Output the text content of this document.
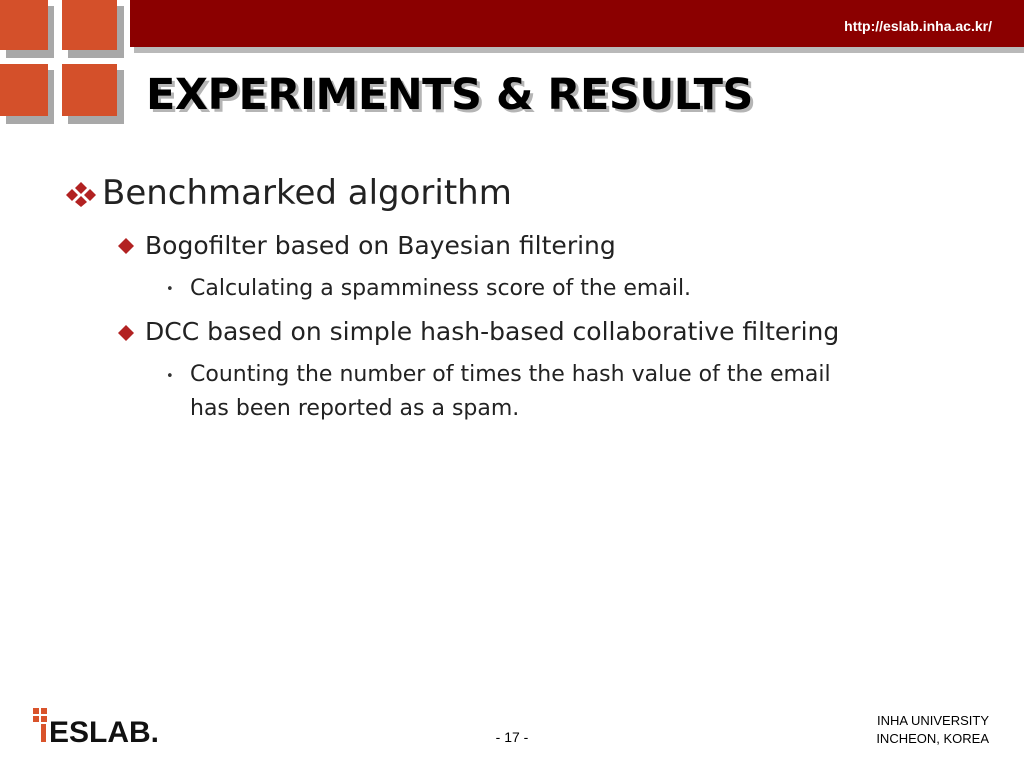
http://eslab.inha.ac.kr/
EXPERIMENTS & RESULTS
Benchmarked algorithm
Bogofilter based on Bayesian filtering
• Calculating a spamminess score of the email.
DCC based on simple hash-based collaborative filtering
• Counting the number of times the hash value of the email
has been reported as a spam.
ESLAB.	- 17 -
INHA UNIVERSITY
INCHEON, KOREA
